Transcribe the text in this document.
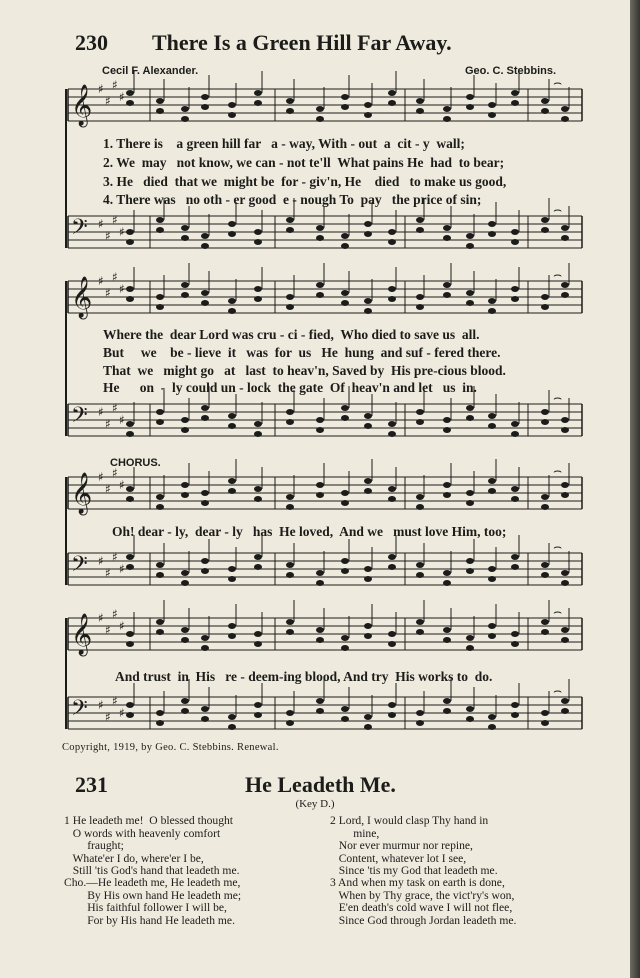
230 There Is a Green Hill Far Away.
Cecil F. Alexander.	Geo. C. Stebbins.
𝄞 ♯
♯
♯
♯
⌢
𝄢 ♯
♯
♯
♯
⌢
𝄞 ♯
♯
♯
♯
⌢
𝄢 ♯
♯
♯
♯
⌢
𝄞 ♯
♯
♯
♯
⌢
𝄢 ♯
♯
♯
♯
⌢
𝄞 ♯
♯
♯
♯
⌢
𝄢 ♯
♯
♯
♯
⌢
1. There is    a green hill far   a - way, With - out  a  cit - y  wall;
2. We  may   not know, we can - not te'll  What pains He  had  to bear;
3. He   died  that we  might be  for - giv'n, He    died   to make us good,
4. There was   no oth - er good  e - nough To  pay   the price of sin;
Where the  dear Lord was cru - ci - fied,  Who died to save us  all.
But     we    be - lieve  it   was  for  us   He  hung  and suf - fered there.
That  we   might go   at   last  to heav'n, Saved by  His pre-cious blood.
He      on  -  ly could un - lock  the gate  Of  heav'n and let   us  in.
CHORUS.
Oh! dear - ly,  dear - ly   has  He loved,  And we   must love Him, too;
And trust  in  His   re - deem-ing blood, And try  His works to  do.
Copyright, 1919, by Geo. C. Stebbins. Renewal.
231	He Leadeth Me.
(Key D.)
1 He leadeth me!  O blessed thought
O words with heavenly comfort
fraught;
Whate'er I do, where'er I be,
Still 'tis God's hand that leadeth me.
2 Lord, I would clasp Thy hand in
mine,
Nor ever murmur nor repine,
Content, whatever lot I see,
Since 'tis my God that leadeth me.
Cho.—He leadeth me, He leadeth me,
By His own hand He leadeth me;
His faithful follower I will be,
For by His hand He leadeth me.
3 And when my task on earth is done,
When by Thy grace, the vict'ry's won,
E'en death's cold wave I will not flee,
Since God through Jordan leadeth me.
